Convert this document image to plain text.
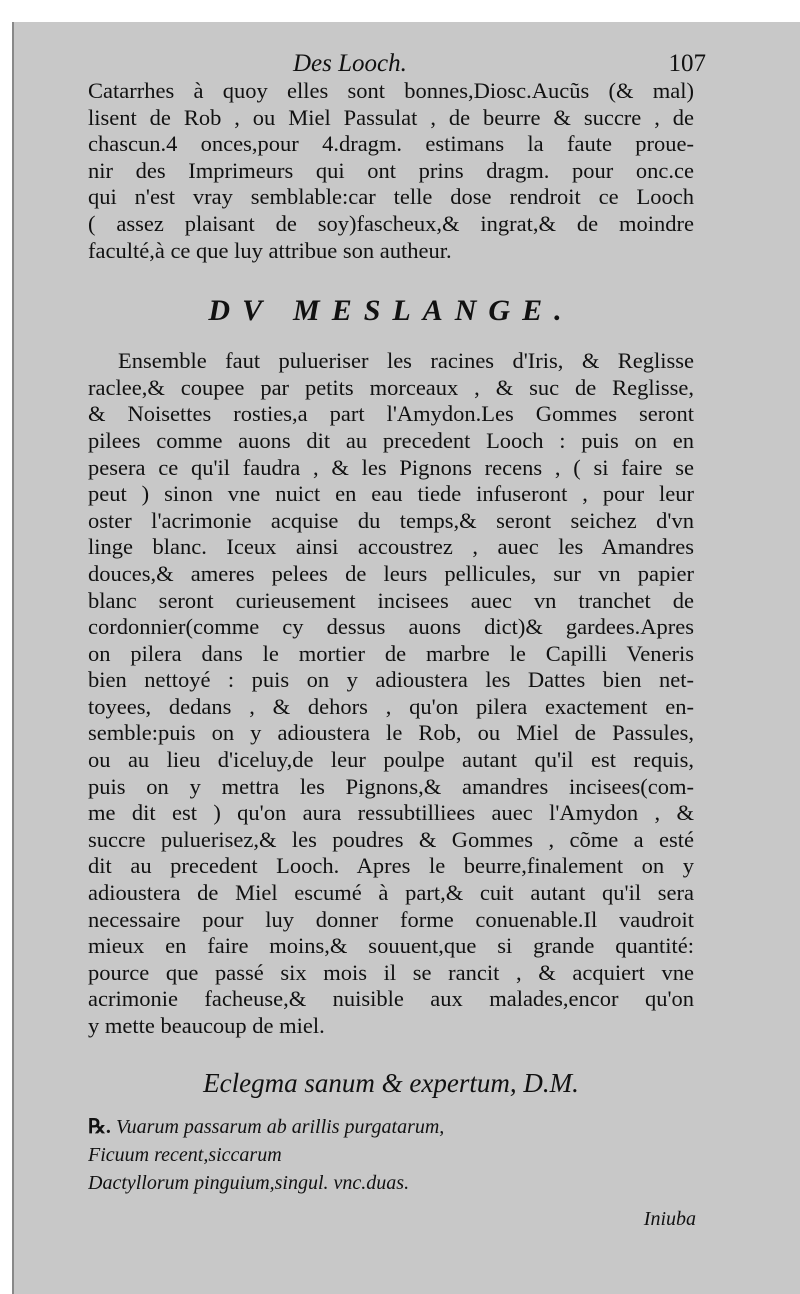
Des Looch.	107
Catarrhes à quoy elles sont bonnes,Diosc.Aucũs (& mal)
lisent de Rob , ou Miel Passulat , de beurre & succre , de
chascun.4 onces,pour 4.dragm. estimans la faute proue-
nir des Imprimeurs qui ont prins dragm. pour onc.ce
qui n'est vray semblable:car telle dose rendroit ce Looch
( assez plaisant de soy)fascheux,& ingrat,& de moindre
faculté,à ce que luy attribue son autheur.
DV MESLANGE.
Ensemble faut pulueriser les racines d'Iris, & Reglisse
raclee,& coupee par petits morceaux , & suc de Reglisse,
& Noisettes rosties,a part l'Amydon.Les Gommes seront
pilees comme auons dit au precedent Looch : puis on en
pesera ce qu'il faudra , & les Pignons recens , ( si faire se
peut ) sinon vne nuict en eau tiede infuseront , pour leur
oster l'acrimonie acquise du temps,& seront seichez d'vn
linge blanc. Iceux ainsi accoustrez , auec les Amandres
douces,& ameres pelees de leurs pellicules, sur vn papier
blanc seront curieusement incisees auec vn tranchet de
cordonnier(comme cy dessus auons dict)& gardees.Apres
on pilera dans le mortier de marbre le Capilli Veneris
bien nettoyé : puis on y adioustera les Dattes bien net-
toyees, dedans , & dehors , qu'on pilera exactement en-
semble:puis on y adioustera le Rob, ou Miel de Passules,
ou au lieu d'iceluy,de leur poulpe autant qu'il est requis,
puis on y mettra les Pignons,& amandres incisees(com-
me dit est ) qu'on aura ressubtilliees auec l'Amydon , &
succre puluerisez,& les poudres & Gommes , cõme a esté
dit au precedent Looch. Apres le beurre,finalement on y
adioustera de Miel escumé à part,& cuit autant qu'il sera
necessaire pour luy donner forme conuenable.Il vaudroit
mieux en faire moins,& souuent,que si grande quantité:
pource que passé six mois il se rancit , & acquiert vne
acrimonie facheuse,& nuisible aux malades,encor qu'on
y mette beaucoup de miel.
Eclegma sanum & expertum, D.M.
℞. Vuarum passarum ab arillis purgatarum,
Ficuum recent,siccarum
Dactyllorum pinguium,singul. vnc.duas.
Iniuba
